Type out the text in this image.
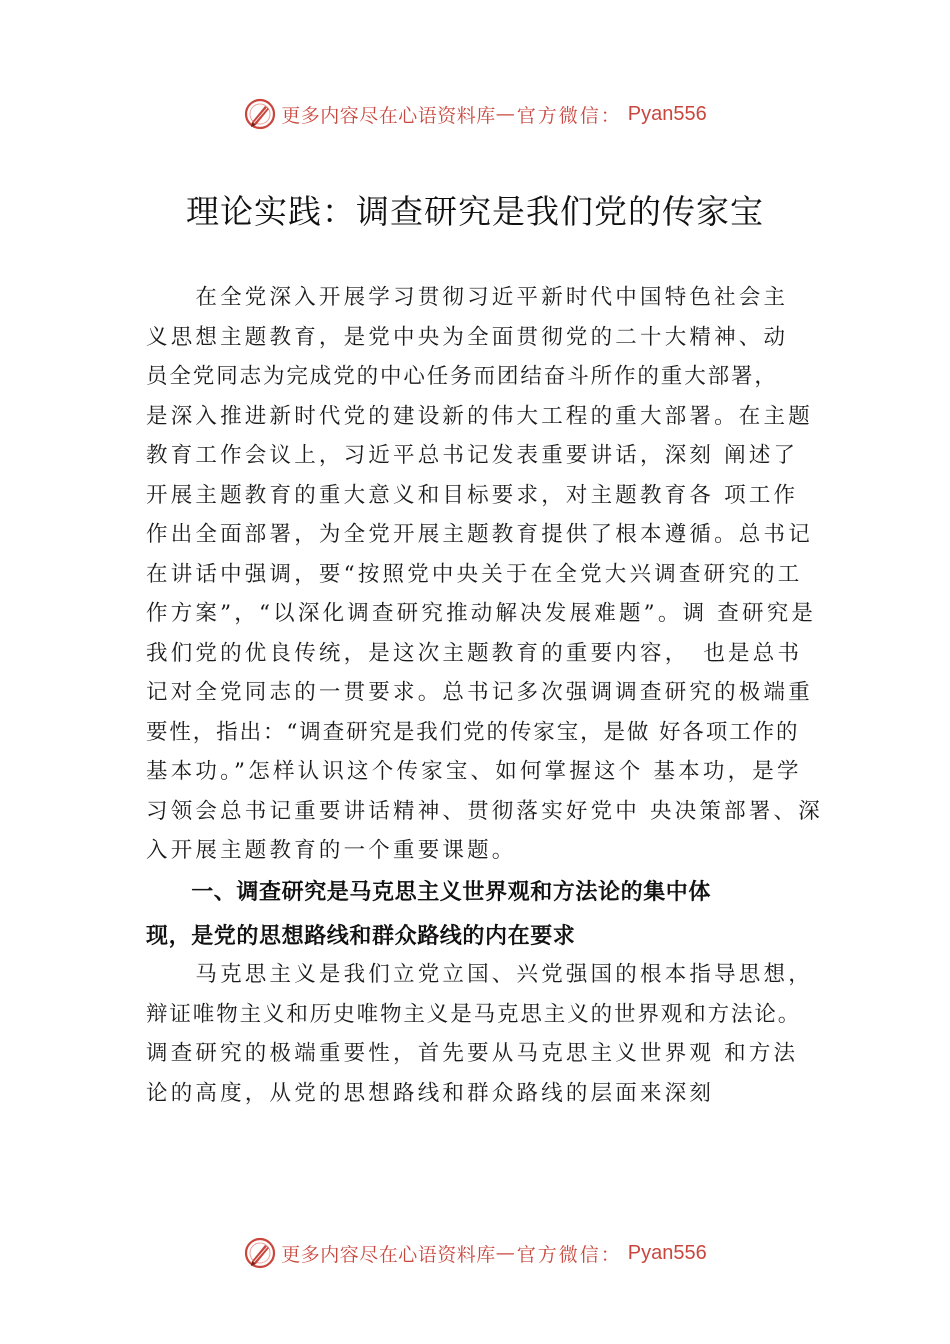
更多内容尽在心语资料库 — 官方微信： Pyan556
理论实践：调查研究是我们党的传家宝
　　在全党深入开展学习贯彻习近平新时代中国特色社会主
义思想主题教育，是党中央为全面贯彻党的二十大精神、动
员全党同志为完成党的中心任务而团结奋斗所作的重大部署，
是深入推进新时代党的建设新的伟大工程的重大部署。在主题
教育工作会议上，习近平总书记发表重要讲话，深刻 阐述了
开展主题教育的重大意义和目标要求，对主题教育各 项工作
作出全面部署，为全党开展主题教育提供了根本遵循。总书记
在讲话中强调，要“按照党中央关于在全党大兴调查研究的工
作方案”，“以深化调查研究推动解决发展难题”。调 查研究是
我们党的优良传统，是这次主题教育的重要内容，　也是总书
记对全党同志的一贯要求。总书记多次强调调查研究的极端重
要性，指出：“调查研究是我们党的传家宝，是做 好各项工作的
基本功。”怎样认识这个传家宝、如何掌握这个 基本功，是学
习领会总书记重要讲话精神、贯彻落实好党中 央决策部署、深
入开展主题教育的一个重要课题。
　　一、调查研究是马克思主义世界观和方法论的集中体
现，是党的思想路线和群众路线的内在要求
　　马克思主义是我们立党立国、兴党强国的根本指导思想，
辩证唯物主义和历史唯物主义是马克思主义的世界观和方法论。
调查研究的极端重要性，首先要从马克思主义世界观 和方法
论的高度，从党的思想路线和群众路线的层面来深刻
更多内容尽在心语资料库 — 官方微信： Pyan556
